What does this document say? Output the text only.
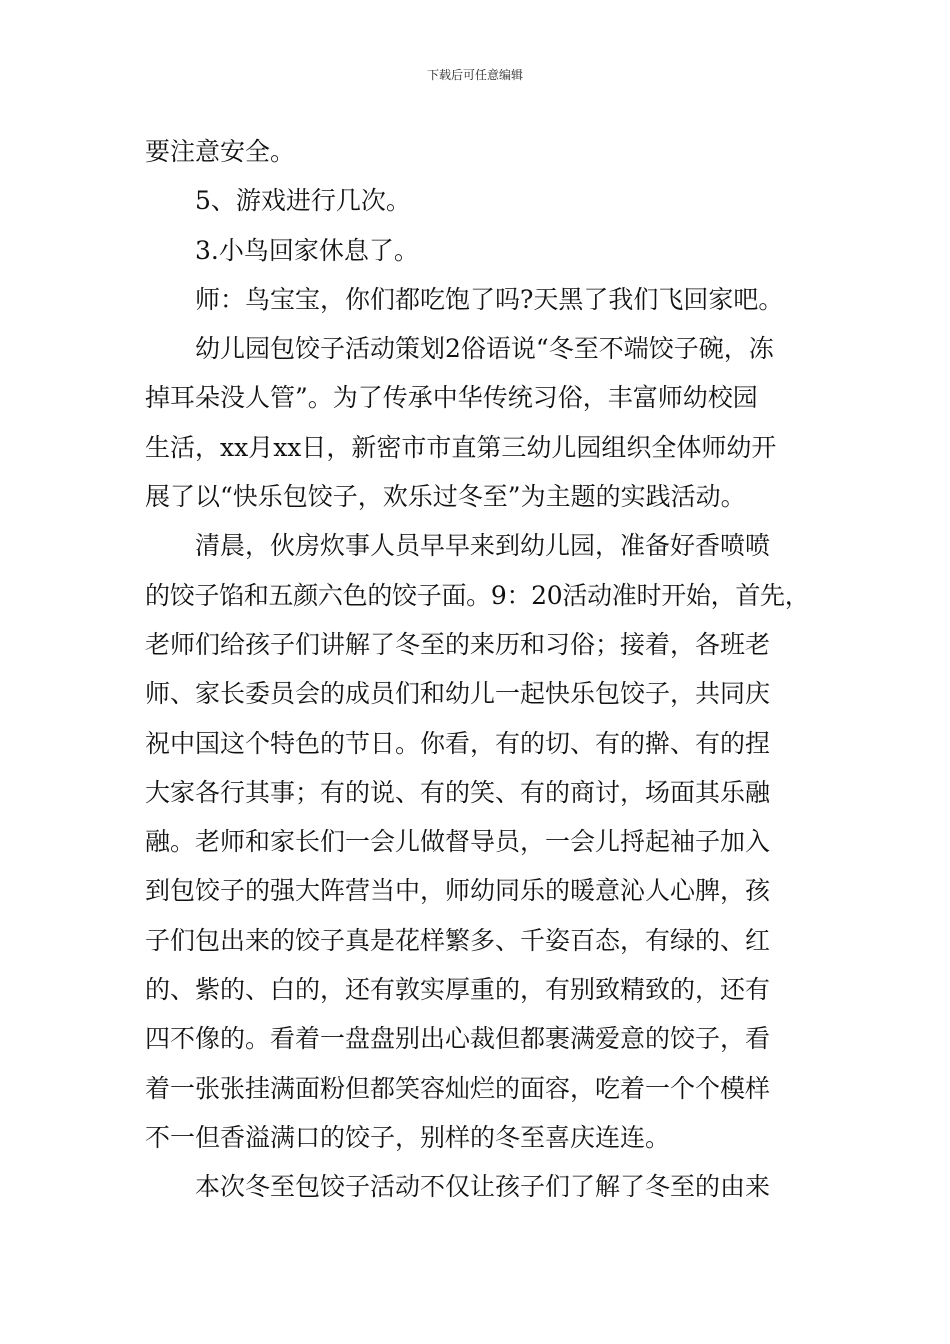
下载后可任意编辑
要注意安全。
5、游戏进行几次。
3.小鸟回家休息了。
师：鸟宝宝，你们都吃饱了吗?天黑了我们飞回家吧。
幼儿园包饺子活动策划2俗语说“冬至不端饺子碗，冻
掉耳朵没人管”。为了传承中华传统习俗，丰富师幼校园
生活，xx月xx日，新密市市直第三幼儿园组织全体师幼开
展了以“快乐包饺子，欢乐过冬至”为主题的实践活动。
清晨，伙房炊事人员早早来到幼儿园，准备好香喷喷
的饺子馅和五颜六色的饺子面。9：20活动准时开始，首先，
老师们给孩子们讲解了冬至的来历和习俗；接着，各班老
师、家长委员会的成员们和幼儿一起快乐包饺子，共同庆
祝中国这个特色的节日。你看，有的切、有的擀、有的捏
大家各行其事；有的说、有的笑、有的商讨，场面其乐融
融。老师和家长们一会儿做督导员，一会儿捋起袖子加入
到包饺子的强大阵营当中，师幼同乐的暖意沁人心脾，孩
子们包出来的饺子真是花样繁多、千姿百态，有绿的、红
的、紫的、白的，还有敦实厚重的，有别致精致的，还有
四不像的。看着一盘盘别出心裁但都裹满爱意的饺子，看
着一张张挂满面粉但都笑容灿烂的面容，吃着一个个模样
不一但香溢满口的饺子，别样的冬至喜庆连连。
本次冬至包饺子活动不仅让孩子们了解了冬至的由来
